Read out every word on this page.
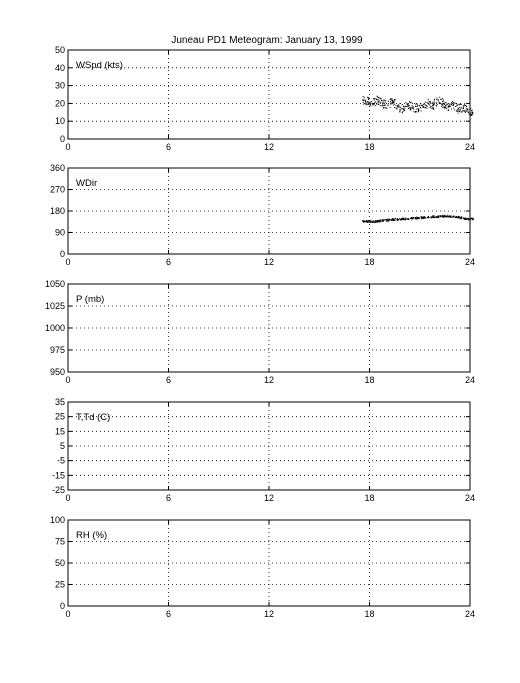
Juneau PD1 Meteogram: January 13, 1999
0
10
20
30
40
50
0	6	12	18	24
WSpd (kts)
0
90
180
270
360
0	6	12	18	24
WDir
950
975
1000
1025
1050
0	6	12	18	24
P (mb)
-25
-15
-5
5
15
25
35
0	6	12	18	24
T,Td (C)
0
25
50
75
100
0	6	12	18	24
RH (%)
